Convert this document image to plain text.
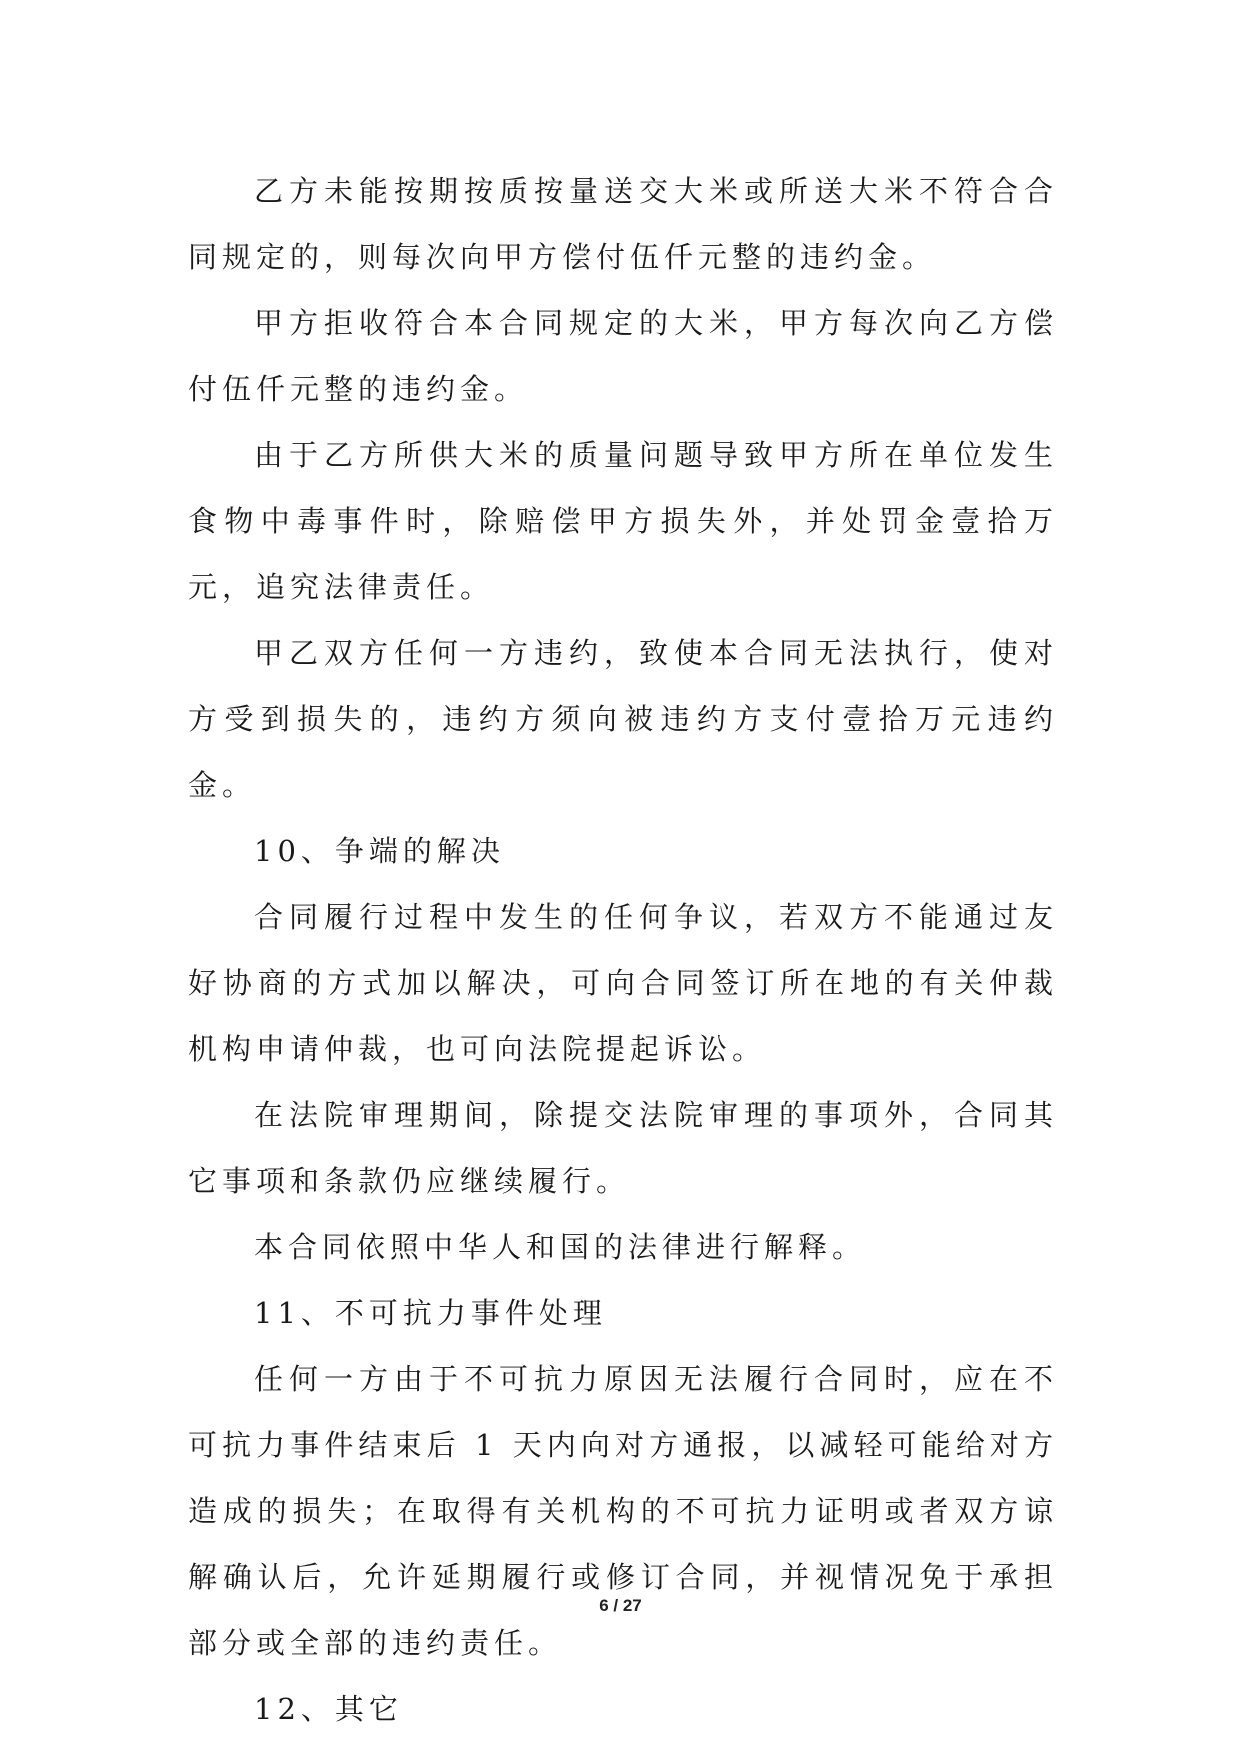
乙方未能按期按质按量送交大米或所送大米不符合合同规定的，则每次向甲方偿付伍仟元整的违约金。

甲方拒收符合本合同规定的大米，甲方每次向乙方偿付伍仟元整的违约金。

由于乙方所供大米的质量问题导致甲方所在单位发生食物中毒事件时，除赔偿甲方损失外，并处罚金壹拾万元，追究法律责任。

甲乙双方任何一方违约，致使本合同无法执行，使对方受到损失的，违约方须向被违约方支付壹拾万元违约金。

10、争端的解决

合同履行过程中发生的任何争议，若双方不能通过友好协商的方式加以解决，可向合同签订所在地的有关仲裁机构申请仲裁，也可向法院提起诉讼。

在法院审理期间，除提交法院审理的事项外，合同其它事项和条款仍应继续履行。

本合同依照中华人和国的法律进行解释。

11、不可抗力事件处理

任何一方由于不可抗力原因无法履行合同时，应在不可抗力事件结束后 1 天内向对方通报，以减轻可能给对方造成的损失；在取得有关机构的不可抗力证明或者双方谅解确认后，允许延期履行或修订合同，并视情况免于承担部分或全部的违约责任。

12、其它

6 / 27
